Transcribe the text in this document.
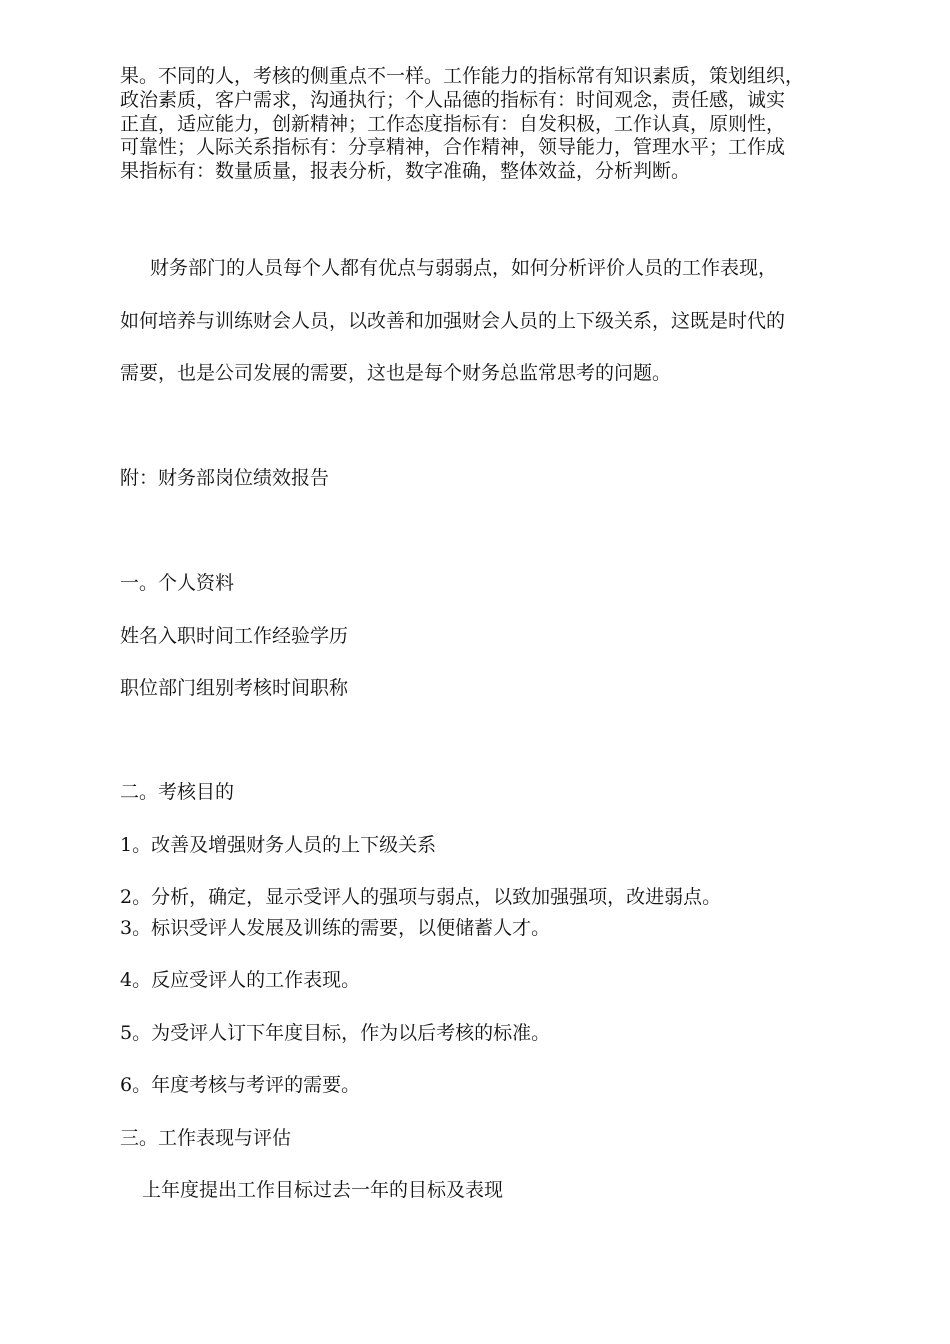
果。不同的人，考核的侧重点不一样。工作能力的指标常有知识素质，策划组织，
政治素质，客户需求，沟通执行；个人品德的指标有：时间观念，责任感，诚实
正直，适应能力，创新精神；工作态度指标有：自发积极，工作认真，原则性，
可靠性；人际关系指标有：分享精神，合作精神，领导能力，管理水平；工作成
果指标有：数量质量，报表分析，数字准确，整体效益，分析判断。
财务部门的人员每个人都有优点与弱弱点，如何分析评价人员的工作表现，
如何培养与训练财会人员，以改善和加强财会人员的上下级关系，这既是时代的
需要，也是公司发展的需要，这也是每个财务总监常思考的问题。
附：财务部岗位绩效报告
一。个人资料
姓名入职时间工作经验学历
职位部门组别考核时间职称
二。考核目的
1。改善及增强财务人员的上下级关系
2。分析，确定，显示受评人的强项与弱点，以致加强强项，改进弱点。
3。标识受评人发展及训练的需要，以便储蓄人才。
4。反应受评人的工作表现。
5。为受评人订下年度目标，作为以后考核的标准。
6。年度考核与考评的需要。
三。工作表现与评估
上年度提出工作目标过去一年的目标及表现
